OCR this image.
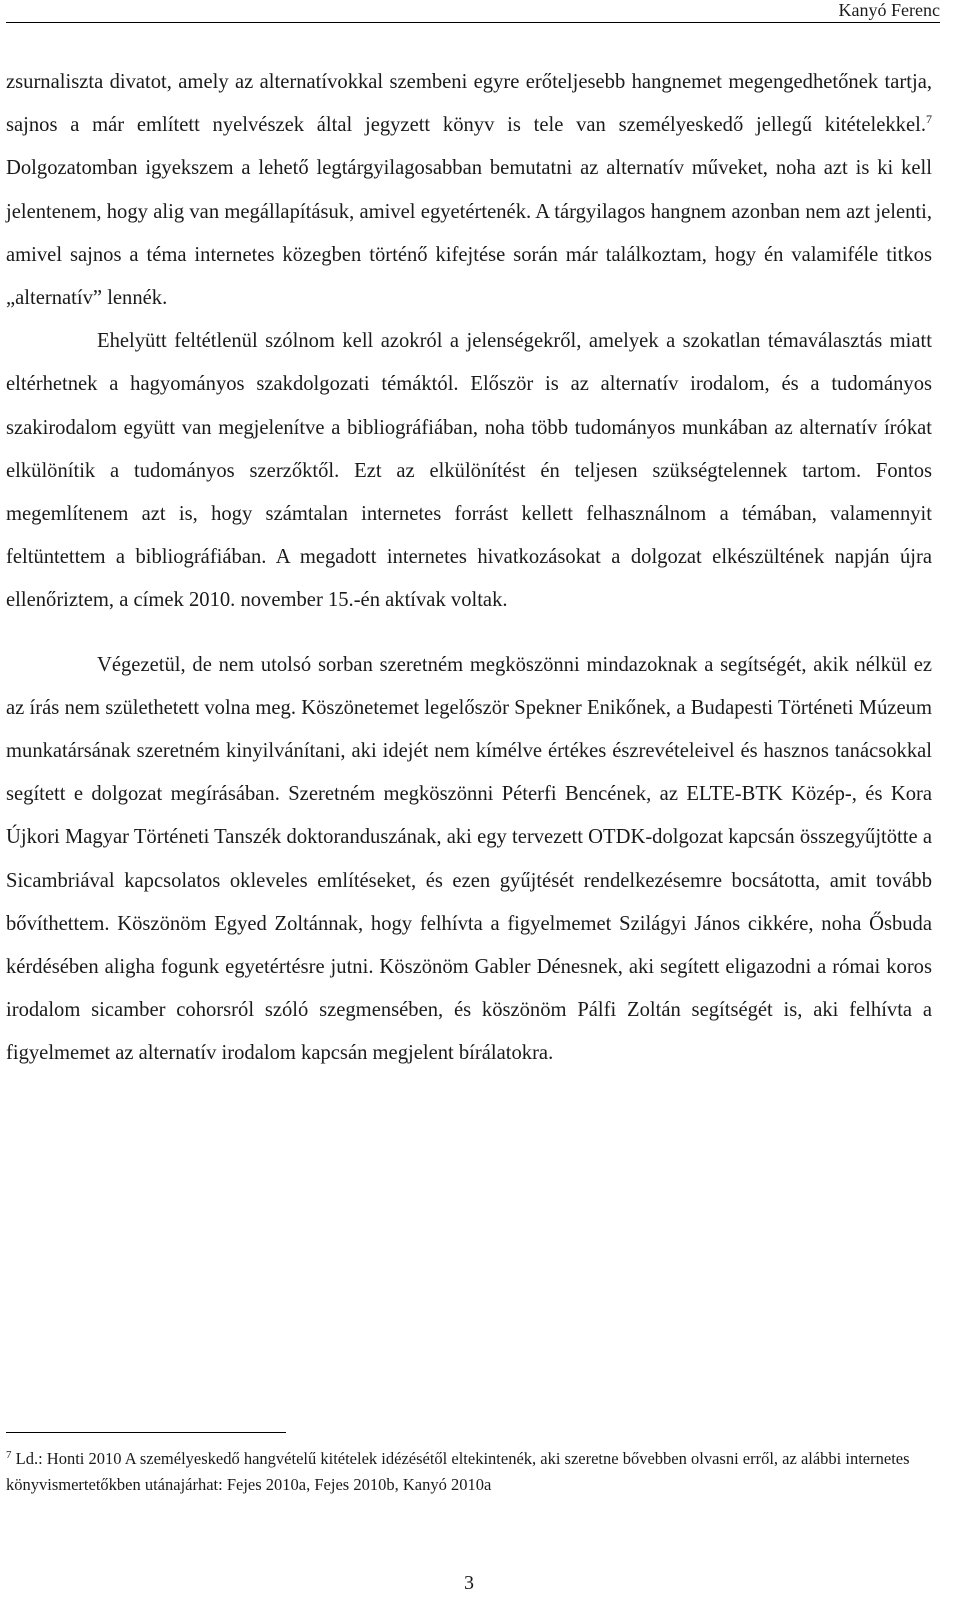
Kanyó Ferenc

zsurnaliszta divatot, amely az alternatívokkal szembeni egyre erőteljesebb hangnemet megengedhetőnek tartja, sajnos a már említett nyelvészek által jegyzett könyv is tele van személyeskedő jellegű kitételekkel.$^7$ Dolgozatomban igyekszem a lehető legtárgyilagosabban bemutatni az alternatív műveket, noha azt is ki kell jelentenem, hogy alig van megállapításuk, amivel egyetértenék. A tárgyilagos hangnem azonban nem azt jelenti, amivel sajnos a téma internetes közegben történő kifejtése során már találkoztam, hogy én valamiféle titkos „alternatív” lennék.

Ehelyütt feltétlenül szólnom kell azokról a jelenségekről, amelyek a szokatlan témaválasztás miatt eltérhetnek a hagyományos szakdolgozati témáktól. Először is az alternatív irodalom, és a tudományos szakirodalom együtt van megjelenítve a bibliográfiában, noha több tudományos munkában az alternatív írókat elkülönítik a tudományos szerzőktől. Ezt az elkülönítést én teljesen szükségtelennek tartom. Fontos megemlítenem azt is, hogy számtalan internetes forrást kellett felhasználnom a témában, valamennyit feltüntettem a bibliográfiában. A megadott internetes hivatkozásokat a dolgozat elkészültének napján újra ellenőriztem, a címek 2010. november 15.-én aktívak voltak.

Végezetül, de nem utolsó sorban szeretném megköszönni mindazoknak a segítségét, akik nélkül ez az írás nem születhetett volna meg. Köszönetemet legelőször Spekner Enikőnek, a Budapesti Történeti Múzeum munkatársának szeretném kinyilvánítani, aki idejét nem kímélve értékes észrevételeivel és hasznos tanácsokkal segített e dolgozat megírásában. Szeretném megköszönni Péterfi Bencének, az ELTE-BTK Közép-, és Kora Újkori Magyar Történeti Tanszék doktoranduszának, aki egy tervezett OTDK-dolgozat kapcsán összegyűjtötte a Sicambriával kapcsolatos okleveles említéseket, és ezen gyűjtését rendelkezésemre bocsátotta, amit tovább bővíthettem. Köszönöm Egyed Zoltánnak, hogy felhívta a figyelmemet Szilágyi János cikkére, noha Ősbuda kérdésében aligha fogunk egyetértésre jutni. Köszönöm Gabler Dénesnek, aki segített eligazodni a római koros irodalom sicamber cohorsról szóló szegmensében, és köszönöm Pálfi Zoltán segítségét is, aki felhívta a figyelmemet az alternatív irodalom kapcsán megjelent bírálatokra.

$^7$ Ld.: Honti 2010 A személyeskedő hangvételű kitételek idézésétől eltekintenék, aki szeretne bővebben olvasni erről, az alábbi internetes könyvismertetőkben utánajárhat: Fejes 2010a, Fejes 2010b, Kanyó 2010a
3
